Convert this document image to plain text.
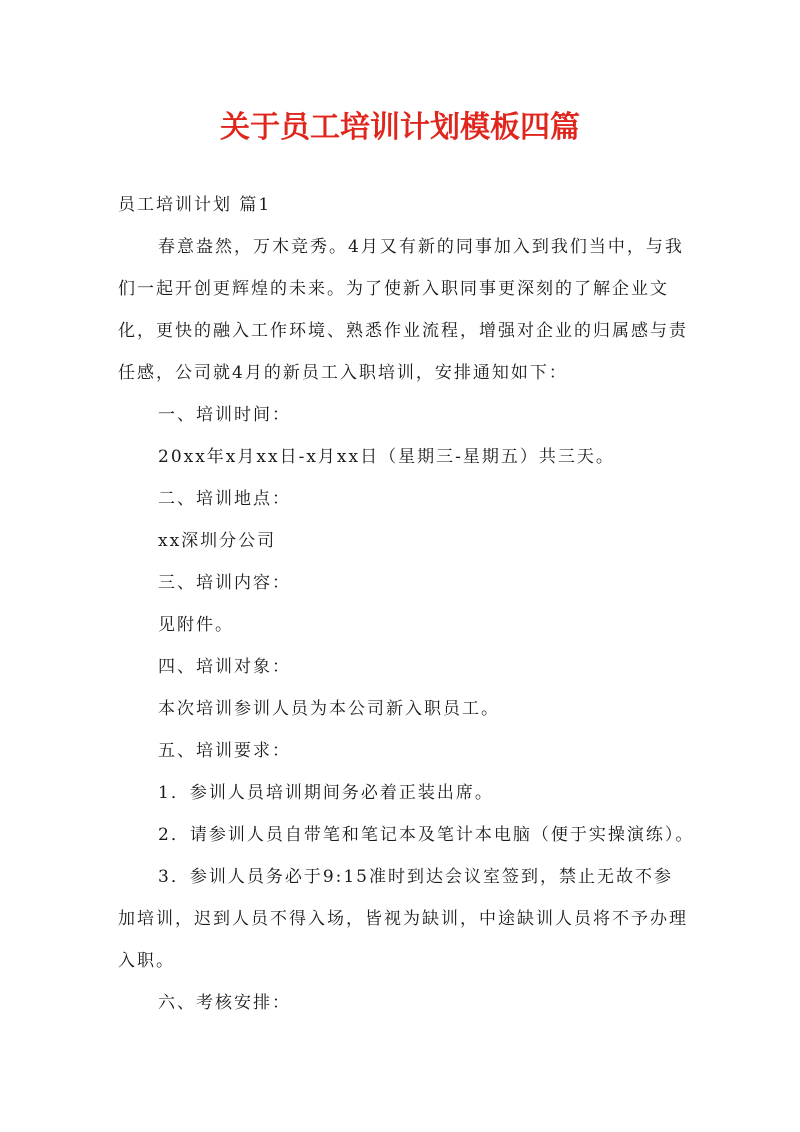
关于员工培训计划模板四篇

员工培训计划 篇1

春意盎然，万木竞秀。4月又有新的同事加入到我们当中，与我们一起开创更辉煌的未来。为了使新入职同事更深刻的了解企业文化，更快的融入工作环境、熟悉作业流程，增强对企业的归属感与责任感，公司就4月的新员工入职培训，安排通知如下：

一、培训时间：

20xx年x月xx日-x月xx日（星期三-星期五）共三天。

二、培训地点：

xx深圳分公司

三、培训内容：

见附件。

四、培训对象：

本次培训参训人员为本公司新入职员工。

五、培训要求：

1．参训人员培训期间务必着正装出席。

2．请参训人员自带笔和笔记本及笔计本电脑（便于实操演练）。

3．参训人员务必于9:15准时到达会议室签到，禁止无故不参加培训，迟到人员不得入场，皆视为缺训，中途缺训人员将不予办理入职。

六、考核安排：
